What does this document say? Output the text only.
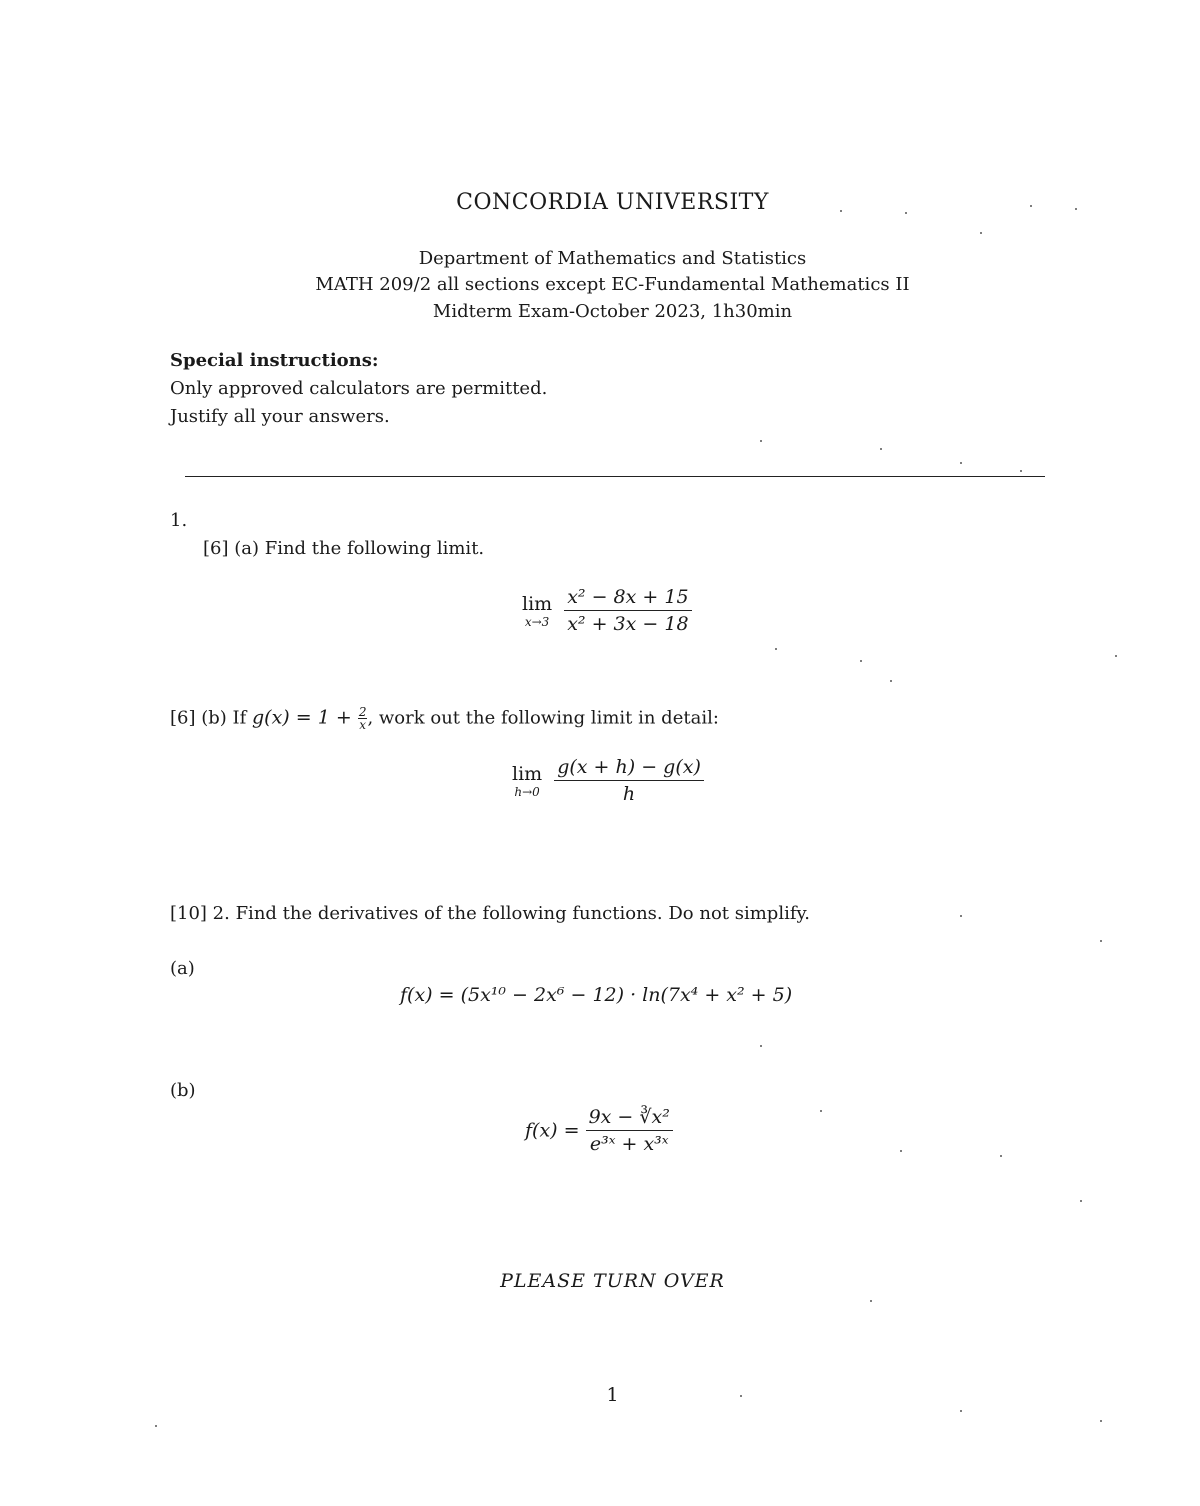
CONCORDIA UNIVERSITY
Department of Mathematics and Statistics
MATH 209/2 all sections except EC-Fundamental Mathematics II
Midterm Exam-October 2023, 1h30min
Special instructions:
Only approved calculators are permitted.
Justify all your answers.
1.
[6] (a) Find the following limit.
lim
x→3
$\frac{\text{x² − 8x + 15}}{\text{x² + 3x − 18}}$
[6] (b) If $g(x) = 1 + \frac{2}{x}$ , work out the following limit in detail:
lim
h→0
$\frac{g(x + h) - g(x)}{h}$
[10] 2. Find the derivatives of the following functions. Do not simplify.
(a)
f(x) = (5x¹⁰ − 2x⁶ − 12) · ln(7x⁴ + x² + 5)
(b)
$f(x) = \frac{\text{9x − ∛x²}}{\text{e³ˣ + x³ˣ}}$
PLEASE TURN OVER
1
